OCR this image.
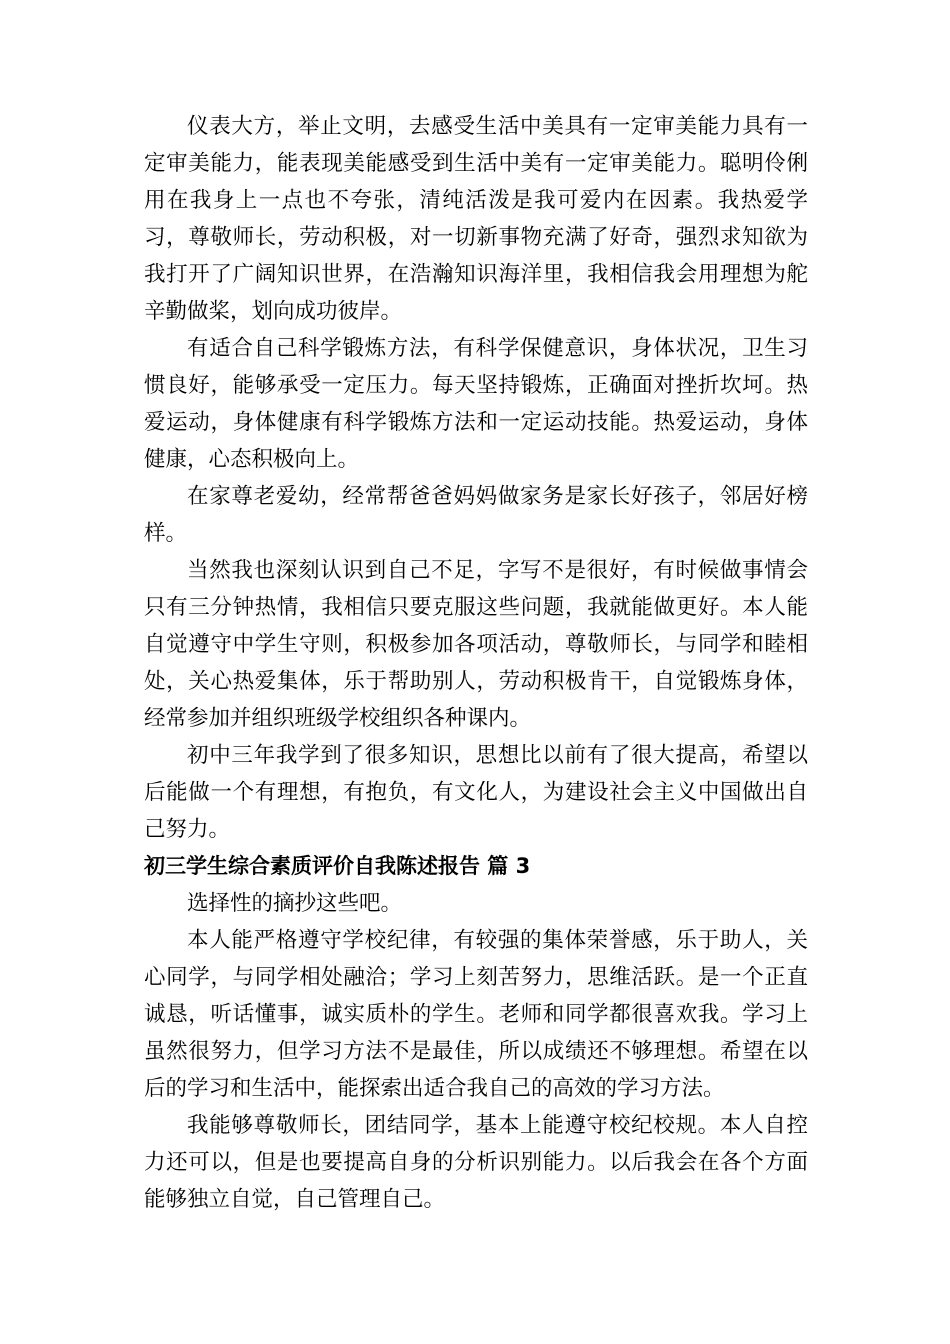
仪表大方，举止文明，去感受生活中美具有一定审美能力具有一定审美能力，能表现美能感受到生活中美有一定审美能力。聪明伶俐用在我身上一点也不夸张，清纯活泼是我可爱内在因素。我热爱学习，尊敬师长，劳动积极，对一切新事物充满了好奇，强烈求知欲为我打开了广阔知识世界，在浩瀚知识海洋里，我相信我会用理想为舵辛勤做桨，划向成功彼岸。

有适合自己科学锻炼方法，有科学保健意识，身体状况，卫生习惯良好，能够承受一定压力。每天坚持锻炼，正确面对挫折坎坷。热爱运动，身体健康有科学锻炼方法和一定运动技能。热爱运动，身体健康，心态积极向上。

在家尊老爱幼，经常帮爸爸妈妈做家务是家长好孩子，邻居好榜样。

当然我也深刻认识到自己不足，字写不是很好，有时候做事情会只有三分钟热情，我相信只要克服这些问题，我就能做更好。本人能自觉遵守中学生守则，积极参加各项活动，尊敬师长，与同学和睦相处，关心热爱集体，乐于帮助别人，劳动积极肯干，自觉锻炼身体，经常参加并组织班级学校组织各种课内。

初中三年我学到了很多知识，思想比以前有了很大提高，希望以后能做一个有理想，有抱负，有文化人，为建设社会主义中国做出自己努力。

初三学生综合素质评价自我陈述报告 篇 3

选择性的摘抄这些吧。

本人能严格遵守学校纪律，有较强的集体荣誉感，乐于助人，关心同学，与同学相处融洽；学习上刻苦努力，思维活跃。是一个正直诚恳，听话懂事，诚实质朴的学生。老师和同学都很喜欢我。学习上虽然很努力，但学习方法不是最佳，所以成绩还不够理想。希望在以后的学习和生活中，能探索出适合我自己的高效的学习方法。

我能够尊敬师长，团结同学，基本上能遵守校纪校规。本人自控力还可以，但是也要提高自身的分析识别能力。以后我会在各个方面能够独立自觉，自己管理自己。
